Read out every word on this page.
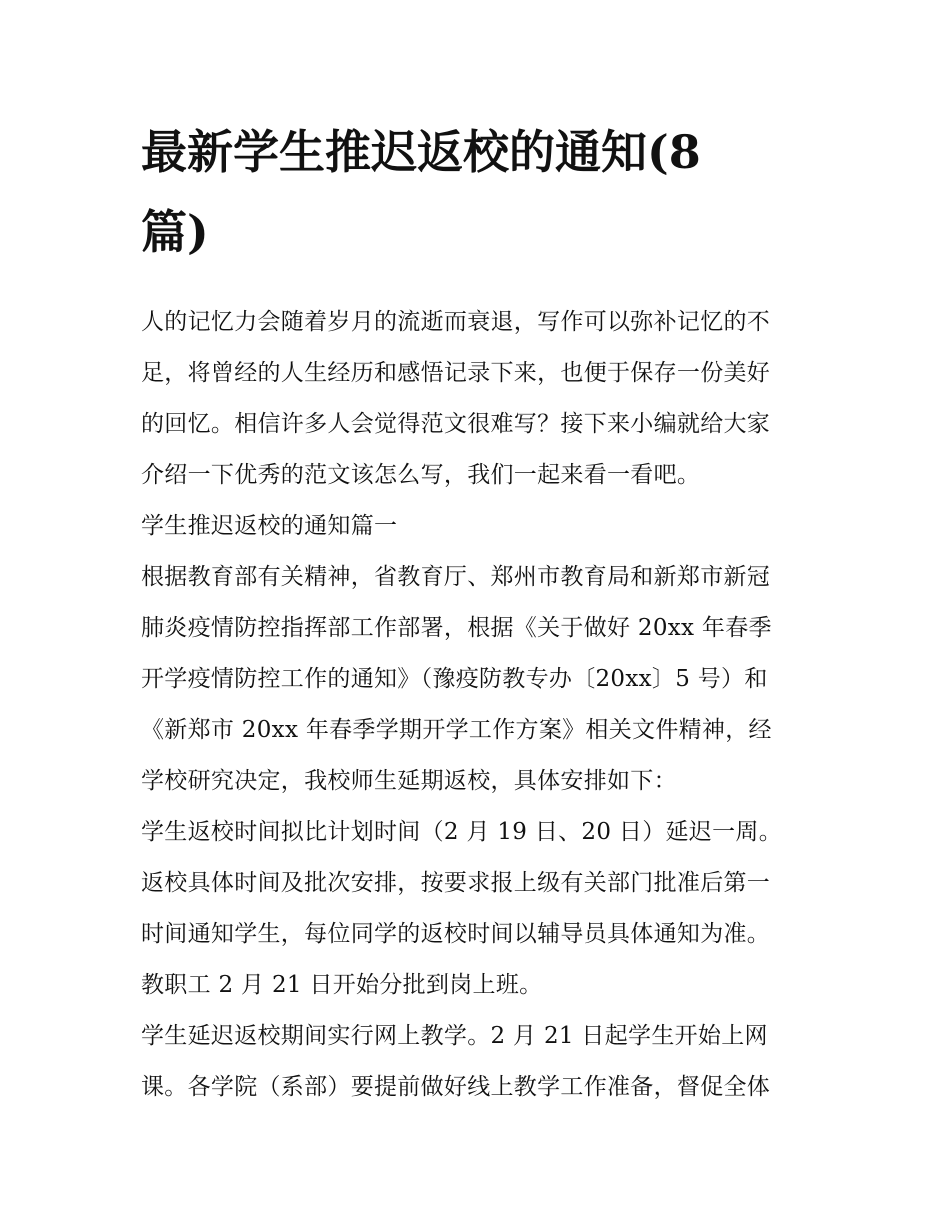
最新学生推迟返校的通知(8
篇)

人的记忆力会随着岁月的流逝而衰退，写作可以弥补记忆的不
足，将曾经的人生经历和感悟记录下来，也便于保存一份美好
的回忆。相信许多人会觉得范文很难写？接下来小编就给大家
介绍一下优秀的范文该怎么写，我们一起来看一看吧。

学生推迟返校的通知篇一

根据教育部有关精神，省教育厅、郑州市教育局和新郑市新冠
肺炎疫情防控指挥部工作部署，根据《关于做好 20xx 年春季
开学疫情防控工作的通知》（豫疫防教专办〔20xx〕5 号）和
《新郑市 20xx 年春季学期开学工作方案》相关文件精神，经
学校研究决定，我校师生延期返校，具体安排如下：

学生返校时间拟比计划时间（2 月 19 日、20 日）延迟一周。

返校具体时间及批次安排，按要求报上级有关部门批准后第一
时间通知学生，每位同学的返校时间以辅导员具体通知为准。

教职工 2 月 21 日开始分批到岗上班。

学生延迟返校期间实行网上教学。2 月 21 日起学生开始上网
课。各学院（系部）要提前做好线上教学工作准备，督促全体
